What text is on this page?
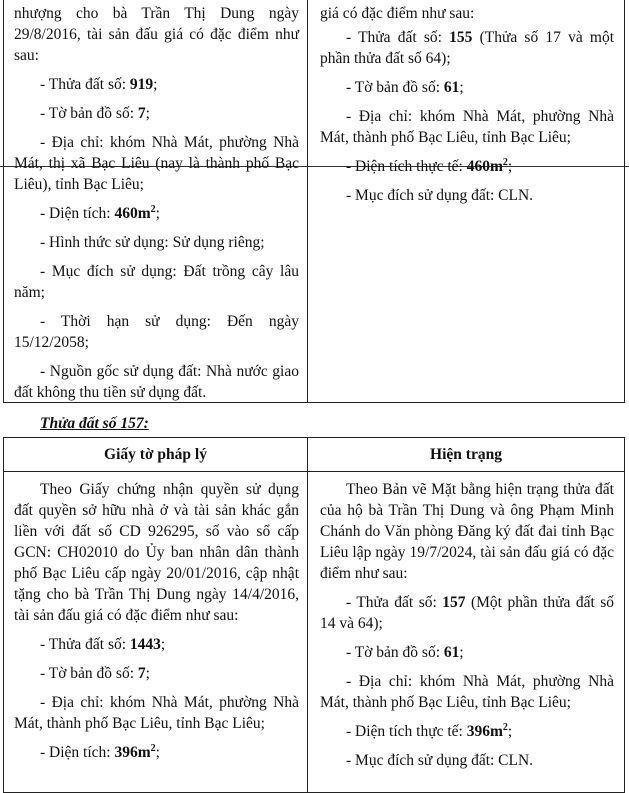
nhượng cho bà Trần Thị Dung ngày 29/8/2016, tài sản đấu giá có đặc điểm như sau:

- Thửa đất số: 919;

- Tờ bản đồ số: 7;

- Địa chỉ: khóm Nhà Mát, phường Nhà Mát, thị xã Bạc Liêu (nay là thành phố Bạc Liêu), tỉnh Bạc Liêu;

- Diện tích: $460m^2$;

- Hình thức sử dụng: Sử dụng riêng;

- Mục đích sử dụng: Đất trồng cây lâu năm;

- Thời hạn sử dụng: Đến ngày 15/12/2058;

- Nguồn gốc sử dụng đất: Nhà nước giao đất không thu tiền sử dụng đất.

giá có đặc điểm như sau:

- Thửa đất số: 155 (Thửa số 17 và một phần thửa đất số 64);

- Tờ bản đồ số: 61;

- Địa chỉ: khóm Nhà Mát, phường Nhà Mát, thành phố Bạc Liêu, tỉnh Bạc Liêu;

- Diện tích thực tế: $460m^2$;

- Mục đích sử dụng đất: CLN.

Thửa đất số 157:
Giấy tờ pháp lý	Hiện trạng

Theo Giấy chứng nhận quyền sử dụng đất quyền sở hữu nhà ở và tài sản khác gắn liền với đất số CD 926295, số vào sổ cấp GCN: CH02010 do Ủy ban nhân dân thành phố Bạc Liêu cấp ngày 20/01/2016, cập nhật tặng cho bà Trần Thị Dung ngày 14/4/2016, tài sản đấu giá có đặc điểm như sau:

- Thửa đất số: 1443;

- Tờ bản đồ số: 7;

- Địa chỉ: khóm Nhà Mát, phường Nhà Mát, thành phố Bạc Liêu, tỉnh Bạc Liêu;

- Diện tích: $396m^2$;

Theo Bản vẽ Mặt bằng hiện trạng thửa đất của hộ bà Trần Thị Dung và ông Phạm Minh Chánh do Văn phòng Đăng ký đất đai tỉnh Bạc Liêu lập ngày 19/7/2024, tài sản đấu giá có đặc điểm như sau:

- Thửa đất số: 157 (Một phần thửa đất số 14 và 64);

- Tờ bản đồ số: 61;

- Địa chỉ: khóm Nhà Mát, phường Nhà Mát, thành phố Bạc Liêu, tỉnh Bạc Liêu;

- Diện tích thực tế: $396m^2$;

- Mục đích sử dụng đất: CLN.
